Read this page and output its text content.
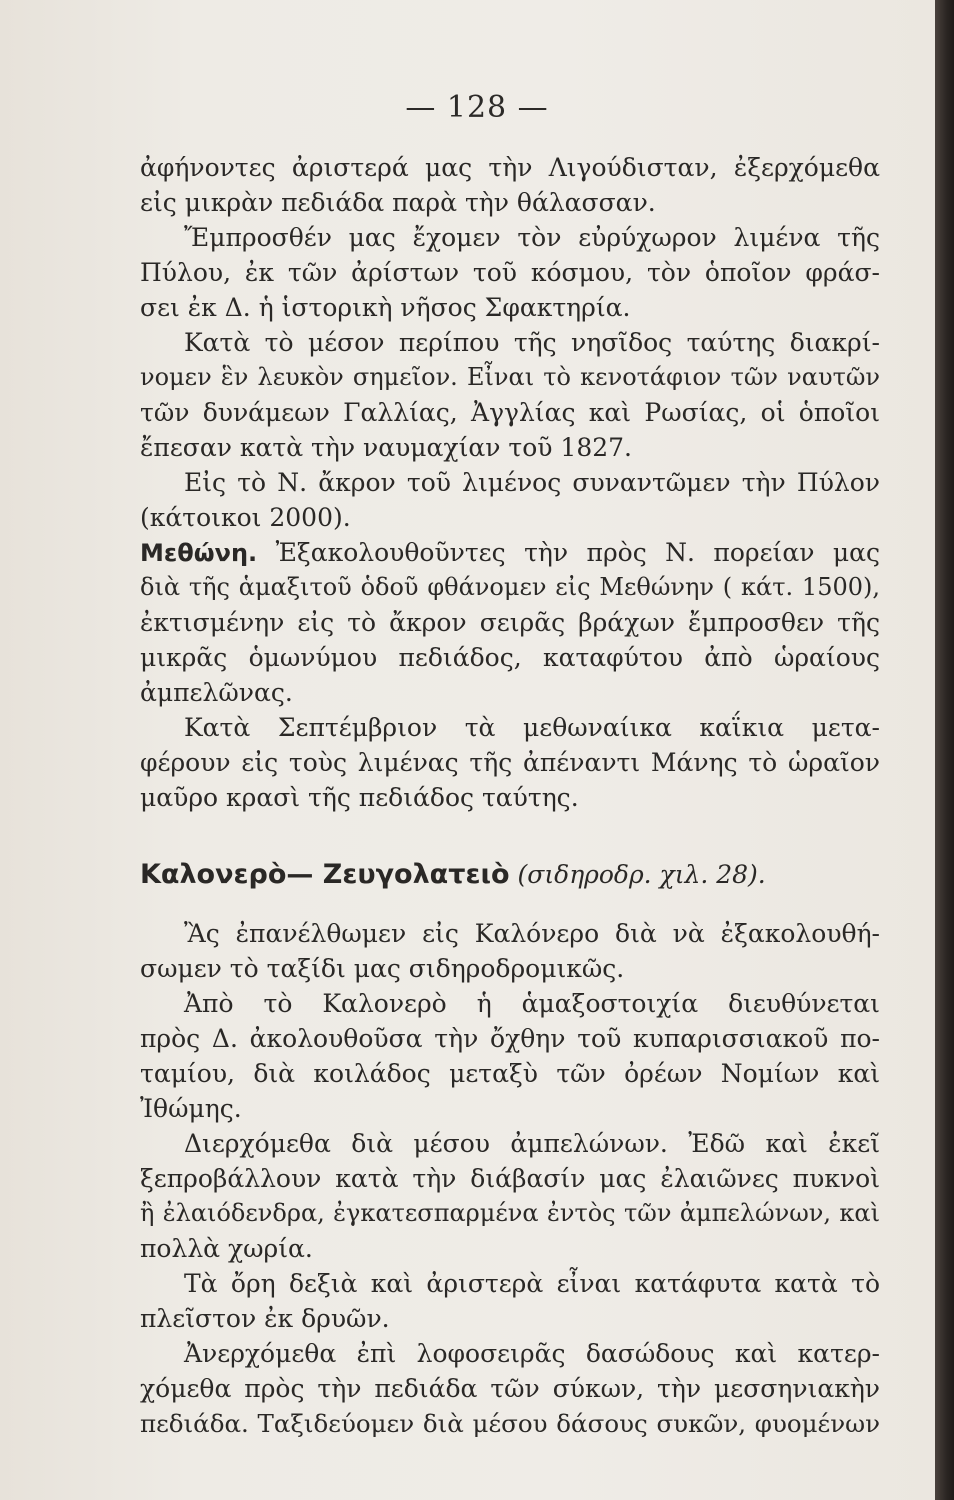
— 128 —
ἀφήνοντες ἀριστερά μας τὴν Λιγούδισταν, ἐξερχόμεθα
εἰς μικρὰν πεδιάδα παρὰ τὴν θάλασσαν.
Ἔμπροσθέν μας ἔχομεν τὸν εὐρύχωρον λιμένα τῆς
Πύλου, ἐκ τῶν ἀρίστων τοῦ κόσμου, τὸν ὁποῖον φράσ-
σει ἐκ Δ. ἡ ἱστορικὴ νῆσος Σφακτηρία.
Κατὰ τὸ μέσον περίπου τῆς νησῖδος ταύτης διακρί-
νομεν ἓν λευκὸν σημεῖον. Εἶναι τὸ κενοτάφιον τῶν ναυτῶν
τῶν δυνάμεων Γαλλίας, Ἀγγλίας καὶ Ρωσίας, οἱ ὁποῖοι
ἔπεσαν κατὰ τὴν ναυμαχίαν τοῦ 1827.
Εἰς τὸ Ν. ἄκρον τοῦ λιμένος συναντῶμεν τὴν Πύλον
(κάτοικοι 2000).
Μεθώνη. Ἐξακολουθοῦντες τὴν πρὸς Ν. πορείαν μας
διὰ τῆς ἁμαξιτοῦ ὁδοῦ φθάνομεν εἰς Μεθώνην ( κάτ. 1500),
ἐκτισμένην εἰς τὸ ἄκρον σειρᾶς βράχων ἔμπροσθεν τῆς
μικρᾶς ὁμωνύμου πεδιάδος, καταφύτου ἀπὸ ὡραίους
ἀμπελῶνας.
Κατὰ Σεπτέμβριον τὰ μεθωναίικα καΐκια μετα-
φέρουν εἰς τοὺς λιμένας τῆς ἀπέναντι Μάνης τὸ ὡραῖον
μαῦρο κρασὶ τῆς πεδιάδος ταύτης.
Καλονερὸ— Ζευγολατειὸ (σιδηροδρ. χιλ. 28).
Ἂς ἐπανέλθωμεν εἰς Καλόνερο διὰ νὰ ἐξακολουθή-
σωμεν τὸ ταξίδι μας σιδηροδρομικῶς.
Ἀπὸ τὸ Καλονερὸ ἡ ἁμαξοστοιχία διευθύνεται
πρὸς Δ. ἀκολουθοῦσα τὴν ὄχθην τοῦ κυπαρισσιακοῦ πο-
ταμίου, διὰ κοιλάδος μεταξὺ τῶν ὀρέων Νομίων καὶ
Ἰθώμης.
Διερχόμεθα διὰ μέσου ἀμπελώνων. Ἐδῶ καὶ ἐκεῖ
ξεπροβάλλουν κατὰ τὴν διάβασίν μας ἐλαιῶνες πυκνοὶ
ἢ ἐλαιόδενδρα, ἐγκατεσπαρμένα ἐντὸς τῶν ἀμπελώνων, καὶ
πολλὰ χωρία.
Τὰ ὄρη δεξιὰ καὶ ἀριστερὰ εἶναι κατάφυτα κατὰ τὸ
πλεῖστον ἐκ δρυῶν.
Ἀνερχόμεθα ἐπὶ λοφοσειρᾶς δασώδους καὶ κατερ-
χόμεθα πρὸς τὴν πεδιάδα τῶν σύκων, τὴν μεσσηνιακὴν
πεδιάδα. Ταξιδεύομεν διὰ μέσου δάσους συκῶν, φυομένων
